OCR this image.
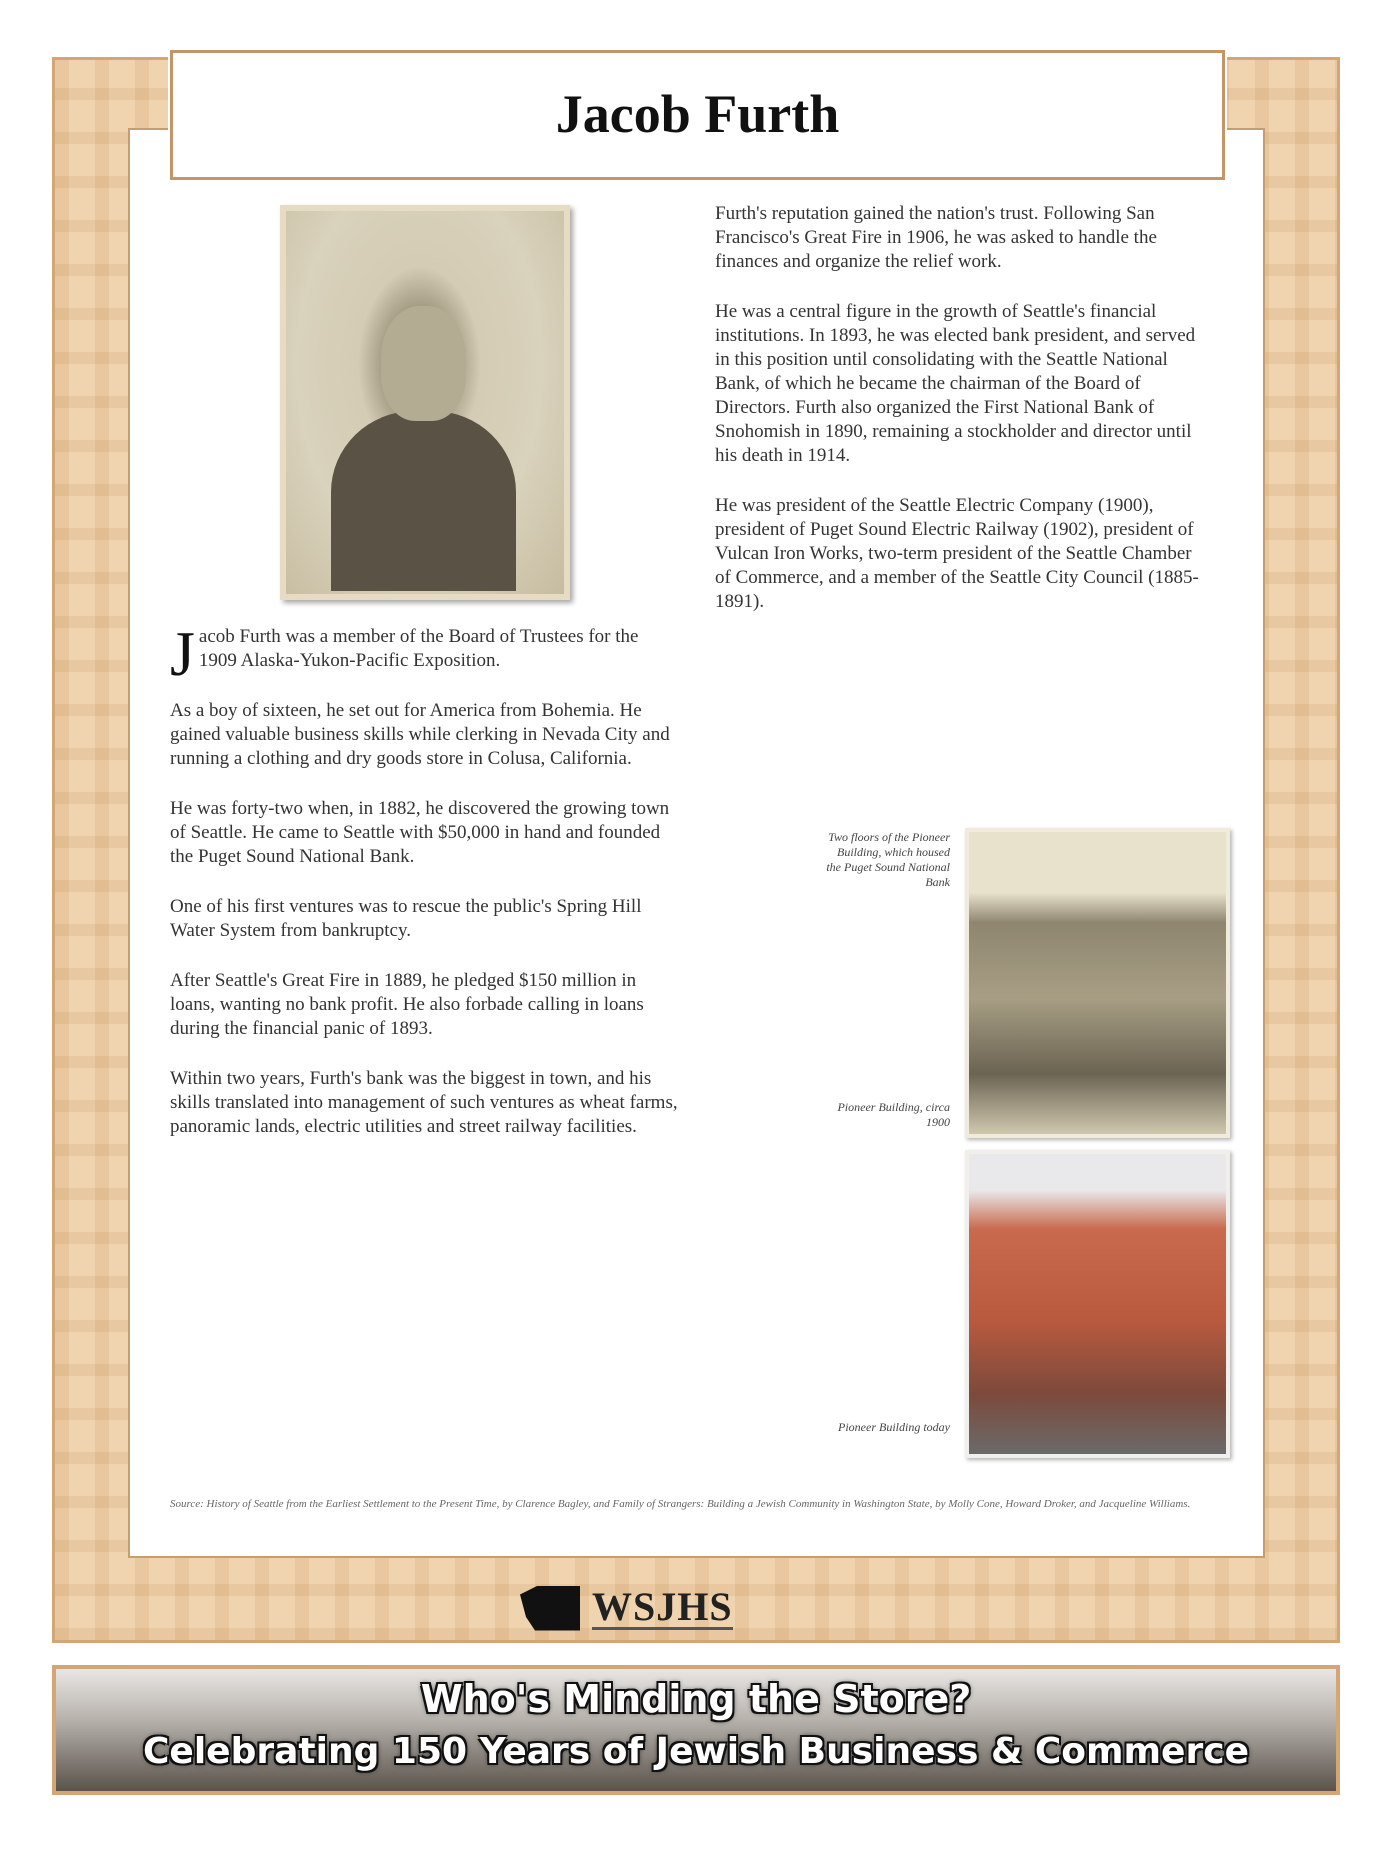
Jacob Furth

Jacob Furth was a member of the Board of Trustees for the 1909 Alaska-Yukon-Pacific Exposition.

As a boy of sixteen, he set out for America from Bohemia. He gained valuable business skills while clerking in Nevada City and running a clothing and dry goods store in Colusa, California.

He was forty-two when, in 1882, he discovered the growing town of Seattle. He came to Seattle with $50,000 in hand and founded the Puget Sound National Bank.

One of his first ventures was to rescue the public's Spring Hill Water System from bankruptcy.

After Seattle's Great Fire in 1889, he pledged $150 million in loans, wanting no bank profit. He also forbade calling in loans during the financial panic of 1893.

Within two years, Furth's bank was the biggest in town, and his skills translated into management of such ventures as wheat farms, panoramic lands, electric utilities and street railway facilities.

Furth's reputation gained the nation's trust. Following San Francisco's Great Fire in 1906, he was asked to handle the finances and organize the relief work.

He was a central figure in the growth of Seattle's financial institutions. In 1893, he was elected bank president, and served in this position until consolidating with the Seattle National Bank, of which he became the chairman of the Board of Directors. Furth also organized the First National Bank of Snohomish in 1890, remaining a stockholder and director until his death in 1914.

He was president of the Seattle Electric Company (1900), president of Puget Sound Electric Railway (1902), president of Vulcan Iron Works, two-term president of the Seattle Chamber of Commerce, and a member of the Seattle City Council (1885-1891).

Two floors of the Pioneer Building, which housed the Puget Sound National Bank
Pioneer Building, circa 1900
Pioneer Building today
Source: History of Seattle from the Earliest Settlement to the Present Time, by Clarence Bagley, and Family of Strangers: Building a Jewish Community in Washington State, by Molly Cone, Howard Droker, and Jacqueline Williams.
WSJHS
Who's Minding the Store?
Celebrating 150 Years of Jewish Business & Commerce
